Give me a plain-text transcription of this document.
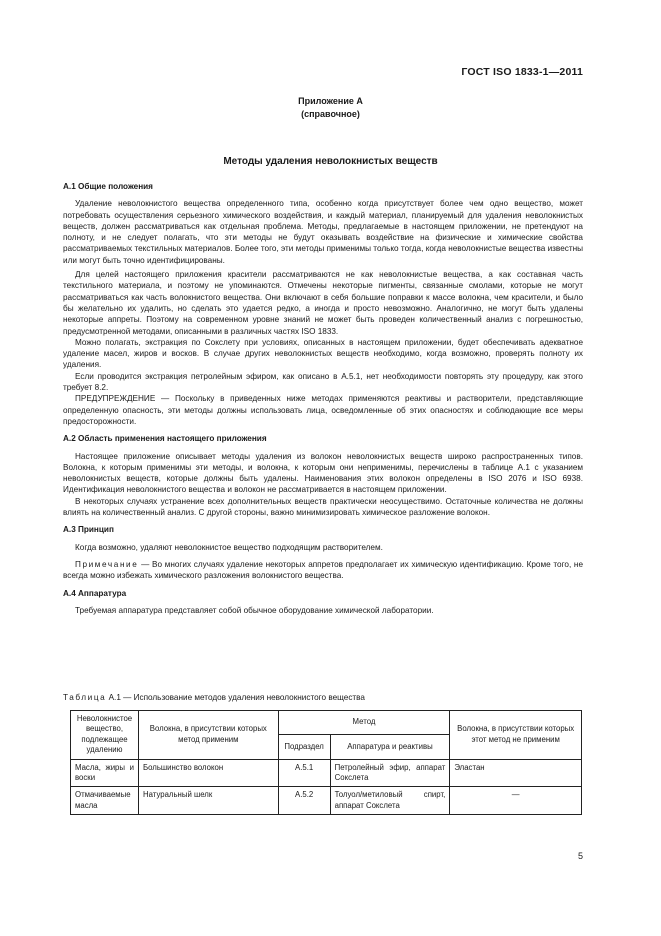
ГОСТ ISO 1833-1—2011
Приложение А
(справочное)
Методы удаления неволокнистых веществ

А.1 Общие положения

Удаление неволокнистого вещества определенного типа, особенно когда присутствует более чем одно вещество, может потребовать осуществления серьезного химического воздействия, и каждый материал, планируемый для удаления неволокнистых веществ, должен рассматриваться как отдельная проблема. Методы, предлагаемые в настоящем приложении, не претендуют на полноту, и не следует полагать, что эти методы не будут оказывать воздействие на физические и химические свойства рассматриваемых текстильных материалов. Более того, эти методы применимы только тогда, когда неволокнистые вещества известны или могут быть точно идентифицированы.

Для целей настоящего приложения красители рассматриваются не как неволокнистые вещества, а как составная часть текстильного материала, и поэтому не упоминаются. Отмечены некоторые пигменты, связанные смолами, которые не могут рассматриваться как часть волокнистого вещества. Они включают в себя большие поправки к массе волокна, чем красители, и было бы желательно их удалить, но сделать это удается редко, а иногда и просто невозможно. Аналогично, не могут быть удалены некоторые аппреты. Поэтому на современном уровне знаний не может быть проведен количественный анализ с погрешностью, предусмотренной методами, описанными в различных частях ISO 1833.

Можно полагать, экстракция по Сокслету при условиях, описанных в настоящем приложении, будет обеспечивать адекватное удаление масел, жиров и восков. В случае других неволокнистых веществ необходимо, когда возможно, проверять полноту их удаления.

Если проводится экстракция петролейным эфиром, как описано в А.5.1, нет необходимости повторять эту процедуру, как этого требует 8.2.

ПРЕДУПРЕЖДЕНИЕ — Поскольку в приведенных ниже методах применяются реактивы и растворители, представляющие определенную опасность, эти методы должны использовать лица, осведомленные об этих опасностях и соблюдающие все меры предосторожности.

А.2 Область применения настоящего приложения

Настоящее приложение описывает методы удаления из волокон неволокнистых веществ широко распространенных типов. Волокна, к которым применимы эти методы, и волокна, к которым они неприменимы, перечислены в таблице А.1 с указанием неволокнистых веществ, которые должны быть удалены. Наименования этих волокон определены в ISO 2076 и ISO 6938. Идентификация неволокнистого вещества и волокон не рассматривается в настоящем приложении.

В некоторых случаях устранение всех дополнительных веществ практически неосуществимо. Остаточные количества не должны влиять на количественный анализ. С другой стороны, важно минимизировать химическое разложение волокон.

А.3 Принцип

Когда возможно, удаляют неволокнистое вещество подходящим растворителем.

Примечание — Во многих случаях удаление некоторых аппретов предполагает их химическую идентификацию. Кроме того, не всегда можно избежать химического разложения волокнистого вещества.

А.4 Аппаратура

Требуемая аппаратура представляет собой обычное оборудование химической лаборатории.

Таблица А.1 — Использование методов удаления неволокнистого вещества
Неволокнистое вещество, подлежащее удалению	Волокна, в присутствии которых метод применим	Метод		Волокна, в присутствии которых этот метод не применим
		Подраздел	Аппаратура и реактивы	
Масла, жиры и воски	Большинство волокон	А.5.1	Петролейный эфир, аппарат Сокслета	Эластан
Отмачиваемые масла	Натуральный шелк	А.5.2	Толуол/метиловый спирт, аппарат Сокслета	—
5
